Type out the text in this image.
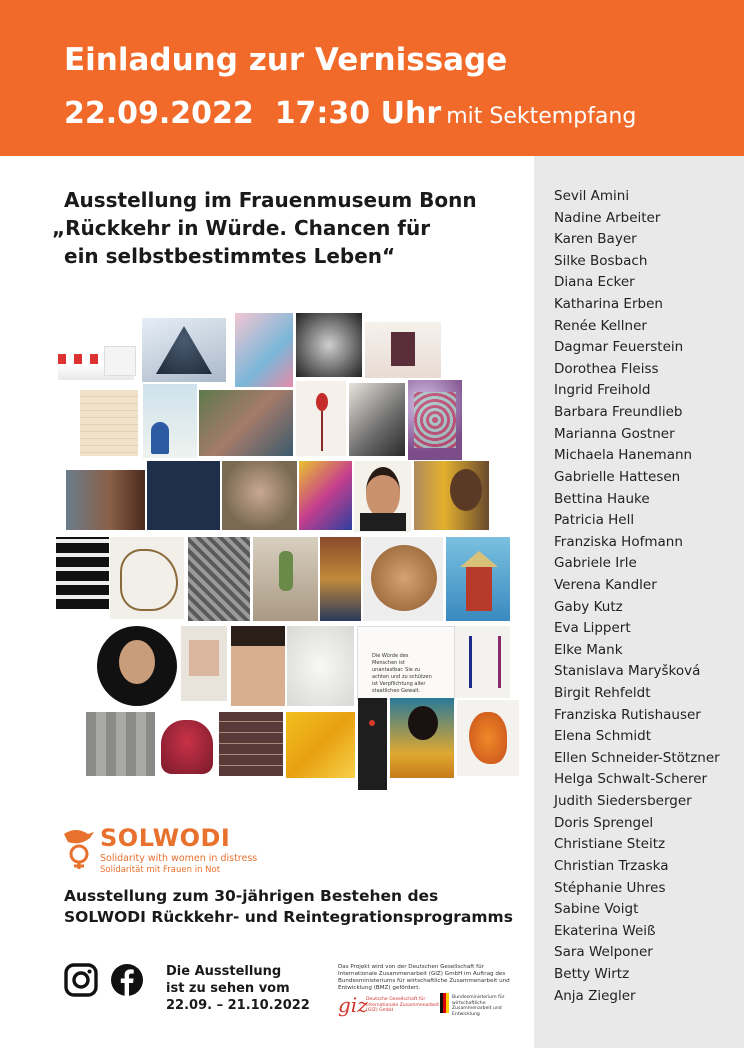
Einladung zur Vernissage
22.09.2022 17:30 Uhr mit Sektempfang
Sevil Amini
Nadine Arbeiter
Karen Bayer
Silke Bosbach
Diana Ecker
Katharina Erben
Renée Kellner
Dagmar Feuerstein
Dorothea Fleiss
Ingrid Freihold
Barbara Freundlieb
Marianna Gostner
Michaela Hanemann
Gabrielle Hattesen
Bettina Hauke
Patricia Hell
Franziska Hofmann
Gabriele Irle
Verena Kandler
Gaby Kutz
Eva Lippert
Elke Mank
Stanislava Maryšková
Birgit Rehfeldt
Franziska Rutishauser
Elena Schmidt
Ellen Schneider-Stötzner
Helga Schwalt-Scherer
Judith Siedersberger
Doris Sprengel
Christiane Steitz
Christian Trzaska
Stéphanie Uhres
Sabine Voigt
Ekaterina Weiß
Sara Welponer
Betty Wirtz
Anja Ziegler
Ausstellung im Frauenmuseum Bonn
„Rückkehr in Würde. Chancen für
ein selbstbestimmtes Leben“
Die Würde des Menschen ist unantastbar. Sie zu achten und zu schützen ist Verpflichtung aller staatlichen Gewalt.
SOLWODI
Solidarity with women in distress
Solidarität mit Frauen in Not
Ausstellung zum 30-jährigen Bestehen des
SOLWODI Rückkehr- und Reintegrationsprogramms
Die Ausstellung
ist zu sehen vom
22.09. – 21.10.2022
Das Projekt wird von der Deutschen Gesellschaft für Internationale Zusammenarbeit (GIZ) GmbH im Auftrag des Bundesministeriums für wirtschaftliche Zusammenarbeit und Entwicklung (BMZ) gefördert.
giz
Deutsche Gesellschaft für Internationale Zusammenarbeit (GIZ) GmbH
Bundesministerium für wirtschaftliche Zusammenarbeit und Entwicklung
